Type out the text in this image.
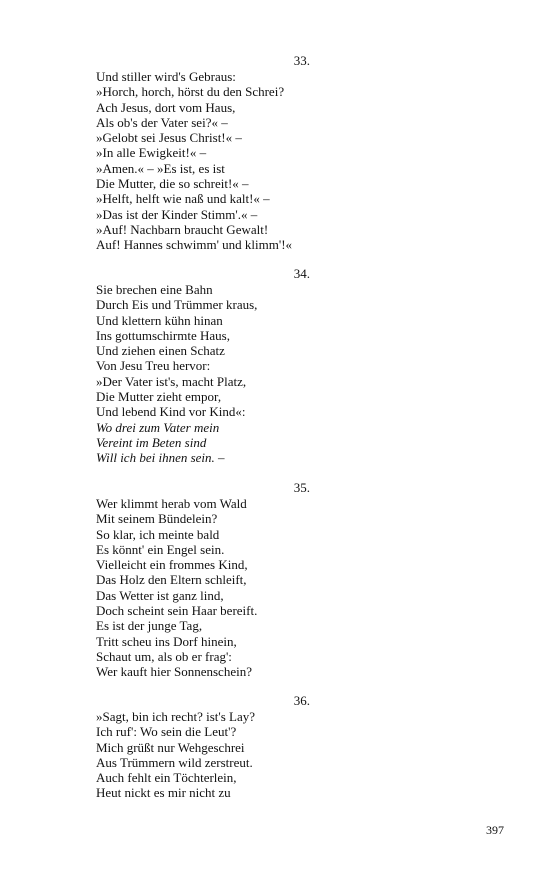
33.
Und stiller wird's Gebraus:
»Horch, horch, hörst du den Schrei?
Ach Jesus, dort vom Haus,
Als ob's der Vater sei?« –
»Gelobt sei Jesus Christ!« –
»In alle Ewigkeit!« –
»Amen.« – »Es ist, es ist
Die Mutter, die so schreit!« –
»Helft, helft wie naß und kalt!« –
»Das ist der Kinder Stimm'.« –
»Auf! Nachbarn braucht Gewalt!
Auf! Hannes schwimm' und klimm'!«
34.
Sie brechen eine Bahn
Durch Eis und Trümmer kraus,
Und klettern kühn hinan
Ins gottumschirmte Haus,
Und ziehen einen Schatz
Von Jesu Treu hervor:
»Der Vater ist's, macht Platz,
Die Mutter zieht empor,
Und lebend Kind vor Kind«:
Wo drei zum Vater mein
Vereint im Beten sind
Will ich bei ihnen sein. –
35.
Wer klimmt herab vom Wald
Mit seinem Bündelein?
So klar, ich meinte bald
Es könnt' ein Engel sein.
Vielleicht ein frommes Kind,
Das Holz den Eltern schleift,
Das Wetter ist ganz lind,
Doch scheint sein Haar bereift.
Es ist der junge Tag,
Tritt scheu ins Dorf hinein,
Schaut um, als ob er frag':
Wer kauft hier Sonnenschein?
36.
»Sagt, bin ich recht? ist's Lay?
Ich ruf': Wo sein die Leut'?
Mich grüßt nur Wehgeschrei
Aus Trümmern wild zerstreut.
Auch fehlt ein Töchterlein,
Heut nickt es mir nicht zu
397
